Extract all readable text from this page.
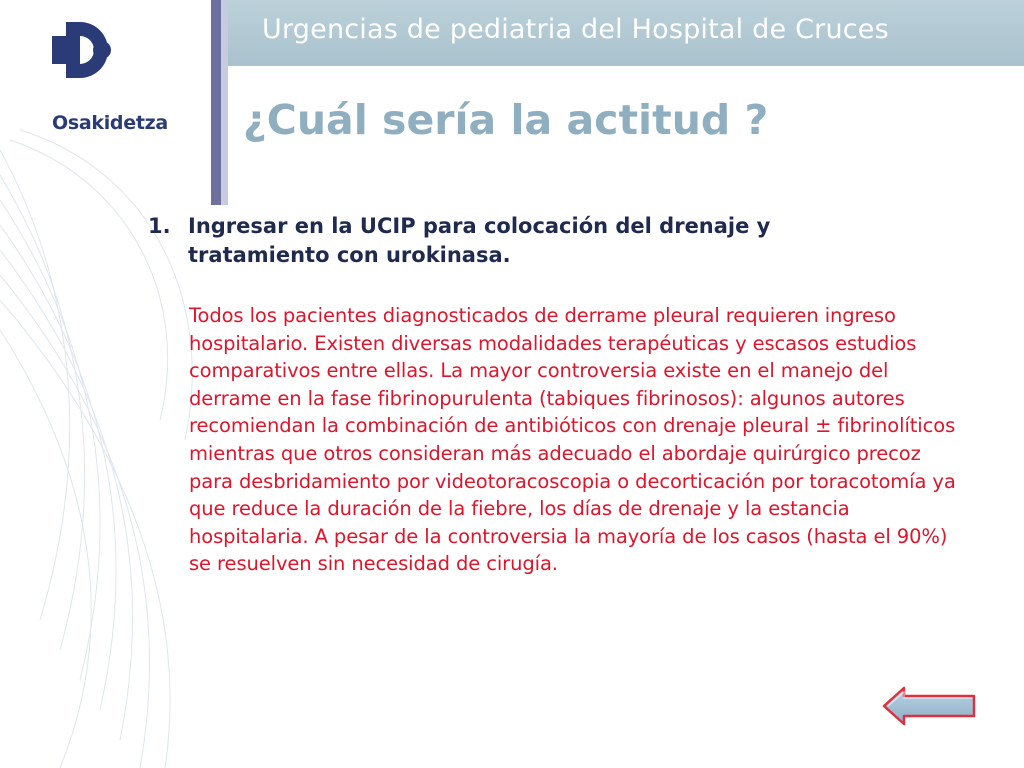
Urgencias de pediatria del Hospital de Cruces
Osakidetza ¿Cuál sería la actitud ?
1. Ingresar en la UCIP para colocación del drenaje y
tratamiento con urokinasa.
Todos los pacientes diagnosticados de derrame pleural requieren ingreso hospitalario. Existen diversas modalidades terapéuticas y escasos estudios comparativos entre ellas. La mayor controversia existe en el manejo del derrame en la fase fibrinopurulenta (tabiques fibrinosos): algunos autores recomiendan la combinación de antibióticos con drenaje pleural ± fibrinolíticos mientras que otros consideran más adecuado el abordaje quirúrgico precoz para desbridamiento por videotoracoscopia o decorticación por toracotomía ya que reduce la duración de la fiebre, los días de drenaje y la estancia hospitalaria. A pesar de la controversia la mayoría de los casos (hasta el 90%) se resuelven sin necesidad de cirugía.
